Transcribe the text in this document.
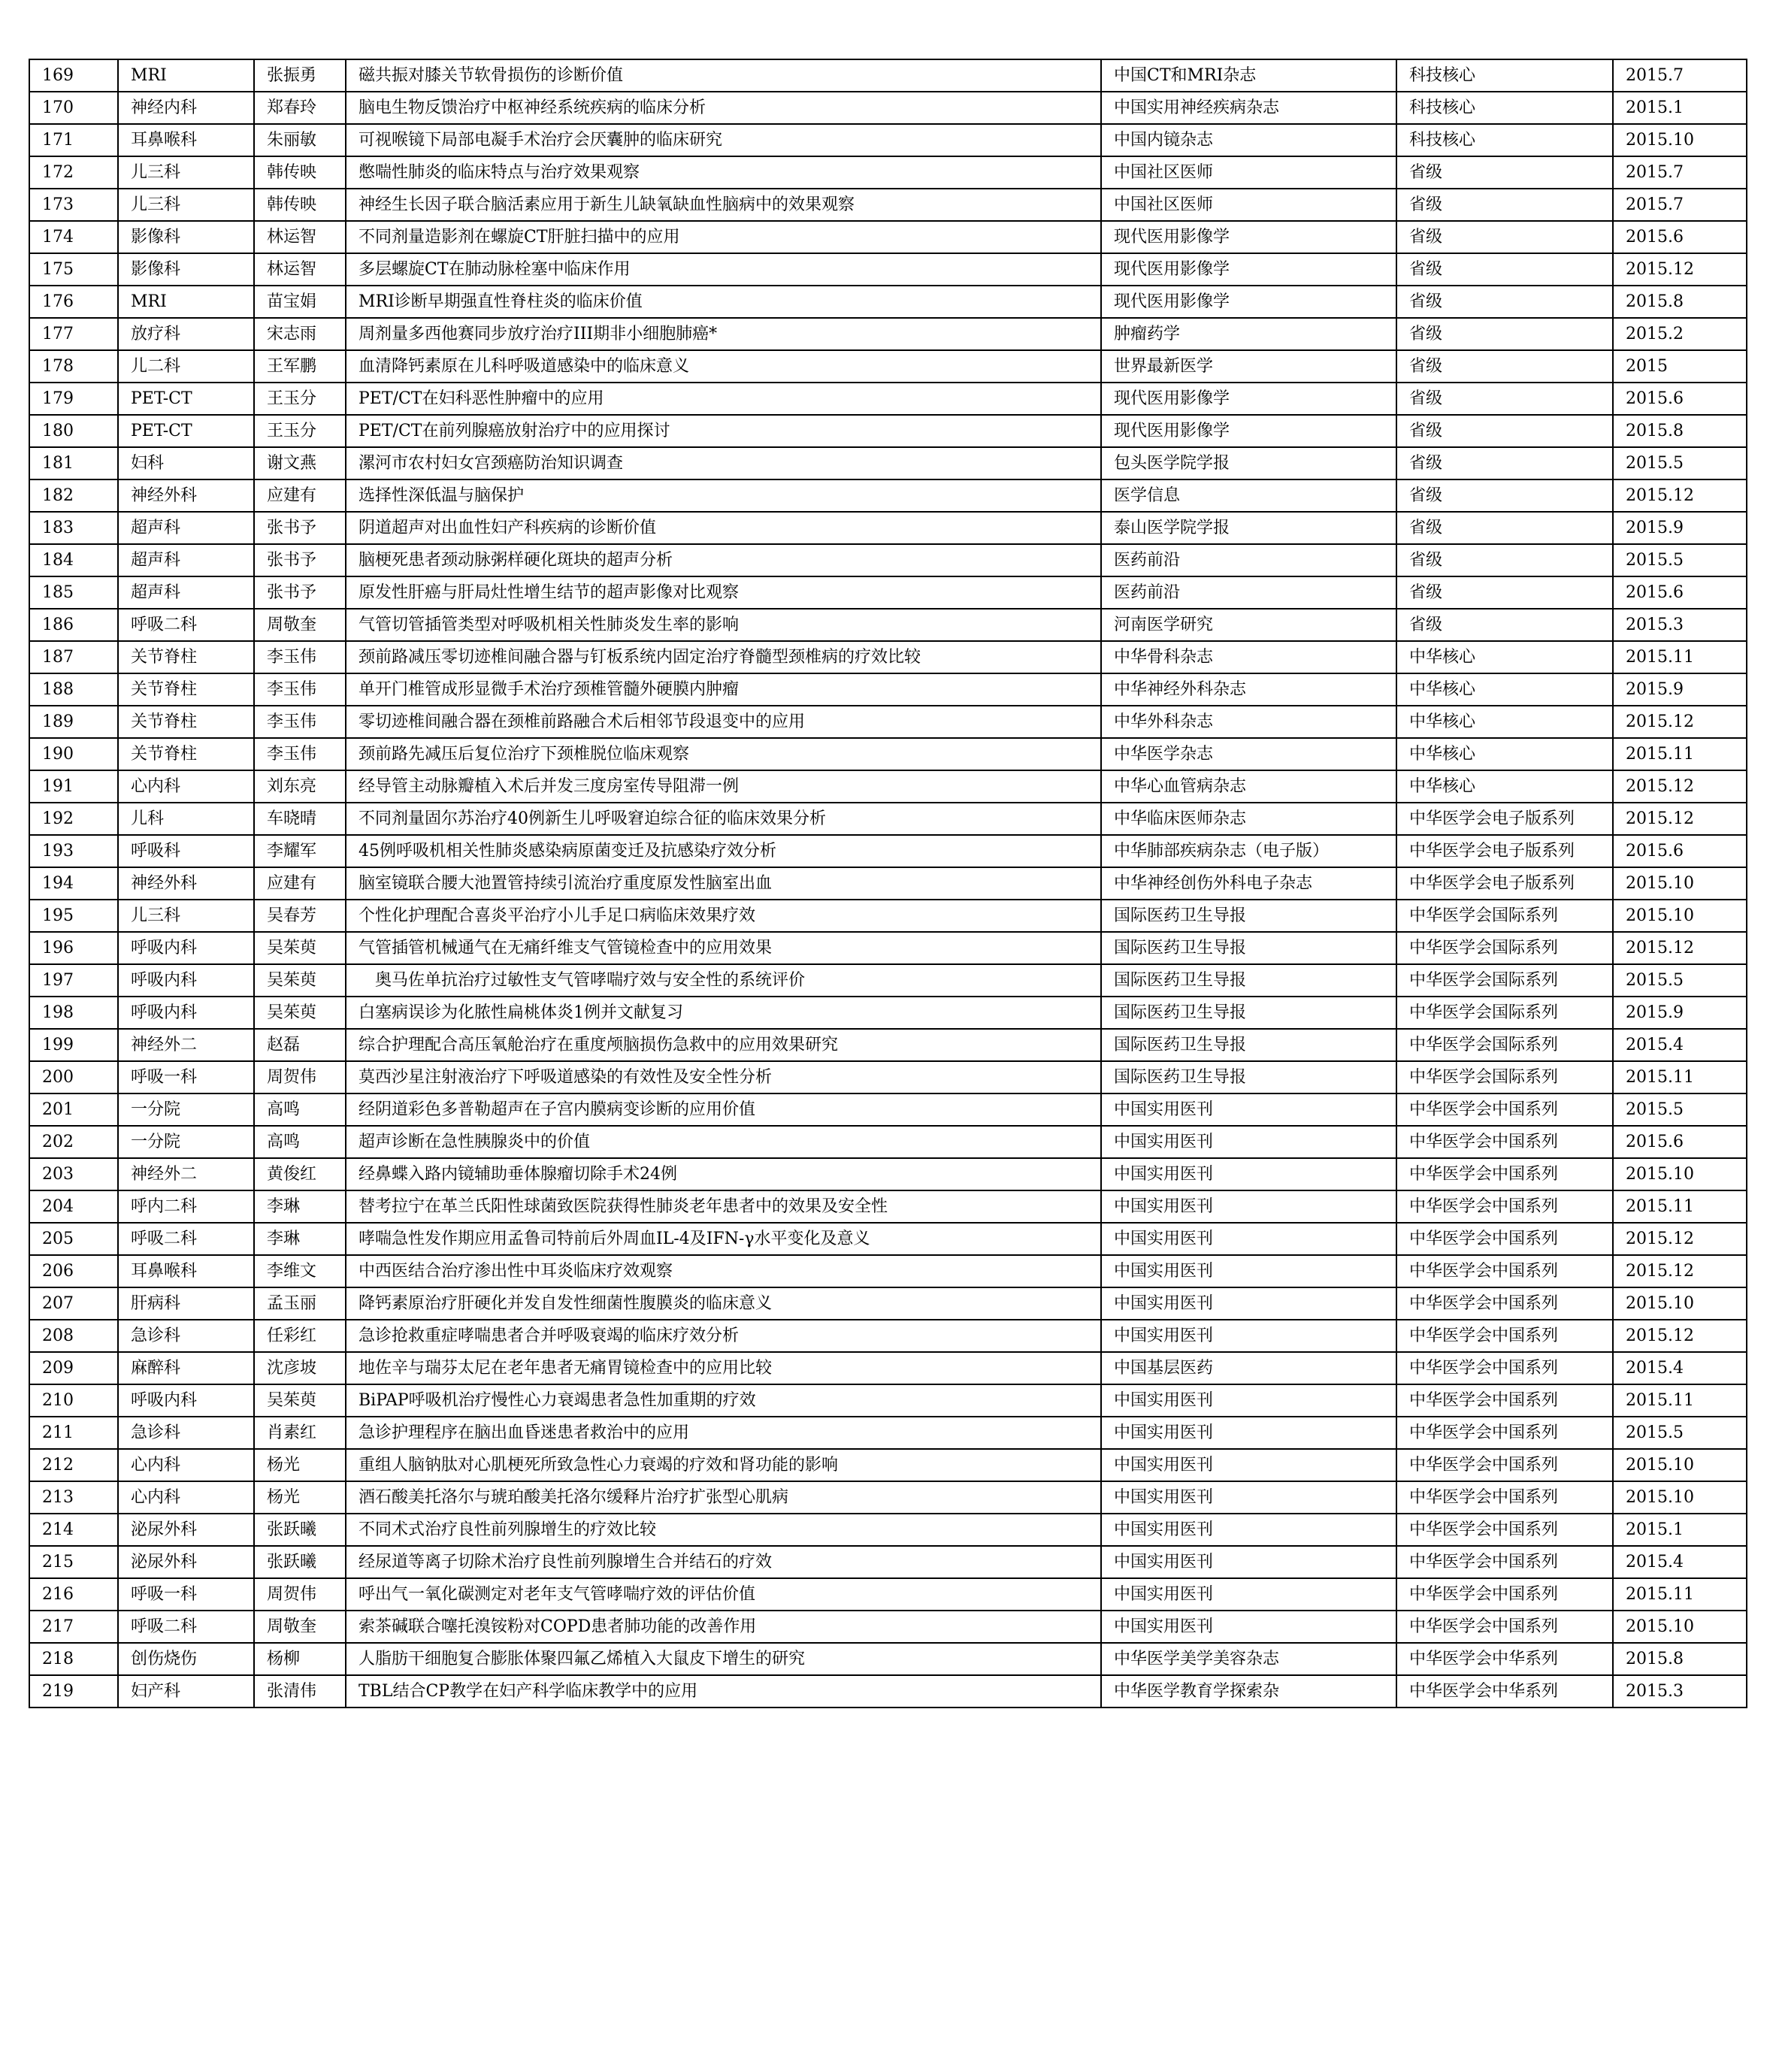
169	MRI	张振勇	磁共振对膝关节软骨损伤的诊断价值	中国CT和MRI杂志	科技核心	2015.7
170	神经内科	郑春玲	脑电生物反馈治疗中枢神经系统疾病的临床分析	中国实用神经疾病杂志	科技核心	2015.1
171	耳鼻喉科	朱丽敏	可视喉镜下局部电凝手术治疗会厌囊肿的临床研究	中国内镜杂志	科技核心	2015.10
172	儿三科	韩传映	憋喘性肺炎的临床特点与治疗效果观察	中国社区医师	省级	2015.7
173	儿三科	韩传映	神经生长因子联合脑活素应用于新生儿缺氧缺血性脑病中的效果观察	中国社区医师	省级	2015.7
174	影像科	林运智	不同剂量造影剂在螺旋CT肝脏扫描中的应用	现代医用影像学	省级	2015.6
175	影像科	林运智	多层螺旋CT在肺动脉栓塞中临床作用	现代医用影像学	省级	2015.12
176	MRI	苗宝娟	MRI诊断早期强直性脊柱炎的临床价值	现代医用影像学	省级	2015.8
177	放疗科	宋志雨	周剂量多西他赛同步放疗治疗III期非小细胞肺癌*	肿瘤药学	省级	2015.2
178	儿二科	王军鹏	血清降钙素原在儿科呼吸道感染中的临床意义	世界最新医学	省级	2015
179	PET-CT	王玉分	PET/CT在妇科恶性肿瘤中的应用	现代医用影像学	省级	2015.6
180	PET-CT	王玉分	PET/CT在前列腺癌放射治疗中的应用探讨	现代医用影像学	省级	2015.8
181	妇科	谢文燕	漯河市农村妇女宫颈癌防治知识调查	包头医学院学报	省级	2015.5
182	神经外科	应建有	选择性深低温与脑保护	医学信息	省级	2015.12
183	超声科	张书予	阴道超声对出血性妇产科疾病的诊断价值	泰山医学院学报	省级	2015.9
184	超声科	张书予	脑梗死患者颈动脉粥样硬化斑块的超声分析	医药前沿	省级	2015.5
185	超声科	张书予	原发性肝癌与肝局灶性增生结节的超声影像对比观察	医药前沿	省级	2015.6
186	呼吸二科	周敬奎	气管切管插管类型对呼吸机相关性肺炎发生率的影响	河南医学研究	省级	2015.3
187	关节脊柱	李玉伟	颈前路减压零切迹椎间融合器与钉板系统内固定治疗脊髓型颈椎病的疗效比较	中华骨科杂志	中华核心	2015.11
188	关节脊柱	李玉伟	单开门椎管成形显微手术治疗颈椎管髓外硬膜内肿瘤	中华神经外科杂志	中华核心	2015.9
189	关节脊柱	李玉伟	零切迹椎间融合器在颈椎前路融合术后相邻节段退变中的应用	中华外科杂志	中华核心	2015.12
190	关节脊柱	李玉伟	颈前路先减压后复位治疗下颈椎脱位临床观察	中华医学杂志	中华核心	2015.11
191	心内科	刘东亮	经导管主动脉瓣植入术后并发三度房室传导阻滞一例	中华心血管病杂志	中华核心	2015.12
192	儿科	车晓晴	不同剂量固尔苏治疗40例新生儿呼吸窘迫综合征的临床效果分析	中华临床医师杂志	中华医学会电子版系列	2015.12
193	呼吸科	李耀军	45例呼吸机相关性肺炎感染病原菌变迁及抗感染疗效分析	中华肺部疾病杂志（电子版）	中华医学会电子版系列	2015.6
194	神经外科	应建有	脑室镜联合腰大池置管持续引流治疗重度原发性脑室出血	中华神经创伤外科电子杂志	中华医学会电子版系列	2015.10
195	儿三科	吴春芳	个性化护理配合喜炎平治疗小儿手足口病临床效果疗效	国际医药卫生导报	中华医学会国际系列	2015.10
196	呼吸内科	吴茱萸	气管插管机械通气在无痛纤维支气管镜检查中的应用效果	国际医药卫生导报	中华医学会国际系列	2015.12
197	呼吸内科	吴茱萸	　奥马佐单抗治疗过敏性支气管哮喘疗效与安全性的系统评价	国际医药卫生导报	中华医学会国际系列	2015.5
198	呼吸内科	吴茱萸	白塞病误诊为化脓性扁桃体炎1例并文献复习	国际医药卫生导报	中华医学会国际系列	2015.9
199	神经外二	赵磊	综合护理配合高压氧舱治疗在重度颅脑损伤急救中的应用效果研究	国际医药卫生导报	中华医学会国际系列	2015.4
200	呼吸一科	周贺伟	莫西沙星注射液治疗下呼吸道感染的有效性及安全性分析	国际医药卫生导报	中华医学会国际系列	2015.11
201	一分院	高鸣	经阴道彩色多普勒超声在子宫内膜病变诊断的应用价值	中国实用医刊	中华医学会中国系列	2015.5
202	一分院	高鸣	超声诊断在急性胰腺炎中的价值	中国实用医刊	中华医学会中国系列	2015.6
203	神经外二	黄俊红	经鼻蝶入路内镜辅助垂体腺瘤切除手术24例	中国实用医刊	中华医学会中国系列	2015.10
204	呼内二科	李琳	替考拉宁在革兰氏阳性球菌致医院获得性肺炎老年患者中的效果及安全性	中国实用医刊	中华医学会中国系列	2015.11
205	呼吸二科	李琳	哮喘急性发作期应用孟鲁司特前后外周血IL-4及IFN-γ水平变化及意义	中国实用医刊	中华医学会中国系列	2015.12
206	耳鼻喉科	李维文	中西医结合治疗渗出性中耳炎临床疗效观察	中国实用医刊	中华医学会中国系列	2015.12
207	肝病科	孟玉丽	降钙素原治疗肝硬化并发自发性细菌性腹膜炎的临床意义	中国实用医刊	中华医学会中国系列	2015.10
208	急诊科	任彩红	急诊抢救重症哮喘患者合并呼吸衰竭的临床疗效分析	中国实用医刊	中华医学会中国系列	2015.12
209	麻醉科	沈彦坡	地佐辛与瑞芬太尼在老年患者无痛胃镜检查中的应用比较	中国基层医药	中华医学会中国系列	2015.4
210	呼吸内科	吴茱萸	BiPAP呼吸机治疗慢性心力衰竭患者急性加重期的疗效	中国实用医刊	中华医学会中国系列	2015.11
211	急诊科	肖素红	急诊护理程序在脑出血昏迷患者救治中的应用	中国实用医刊	中华医学会中国系列	2015.5
212	心内科	杨光	重组人脑钠肽对心肌梗死所致急性心力衰竭的疗效和肾功能的影响	中国实用医刊	中华医学会中国系列	2015.10
213	心内科	杨光	酒石酸美托洛尔与琥珀酸美托洛尔缓释片治疗扩张型心肌病	中国实用医刊	中华医学会中国系列	2015.10
214	泌尿外科	张跃曦	不同术式治疗良性前列腺增生的疗效比较	中国实用医刊	中华医学会中国系列	2015.1
215	泌尿外科	张跃曦	经尿道等离子切除术治疗良性前列腺增生合并结石的疗效	中国实用医刊	中华医学会中国系列	2015.4
216	呼吸一科	周贺伟	呼出气一氧化碳测定对老年支气管哮喘疗效的评估价值	中国实用医刊	中华医学会中国系列	2015.11
217	呼吸二科	周敬奎	索茶碱联合噻托溴铵粉对COPD患者肺功能的改善作用	中国实用医刊	中华医学会中国系列	2015.10
218	创伤烧伤	杨柳	人脂肪干细胞复合膨胀体聚四氟乙烯植入大鼠皮下增生的研究	中华医学美学美容杂志	中华医学会中华系列	2015.8
219	妇产科	张清伟	TBL结合CP教学在妇产科学临床教学中的应用	中华医学教育学探索杂	中华医学会中华系列	2015.3
